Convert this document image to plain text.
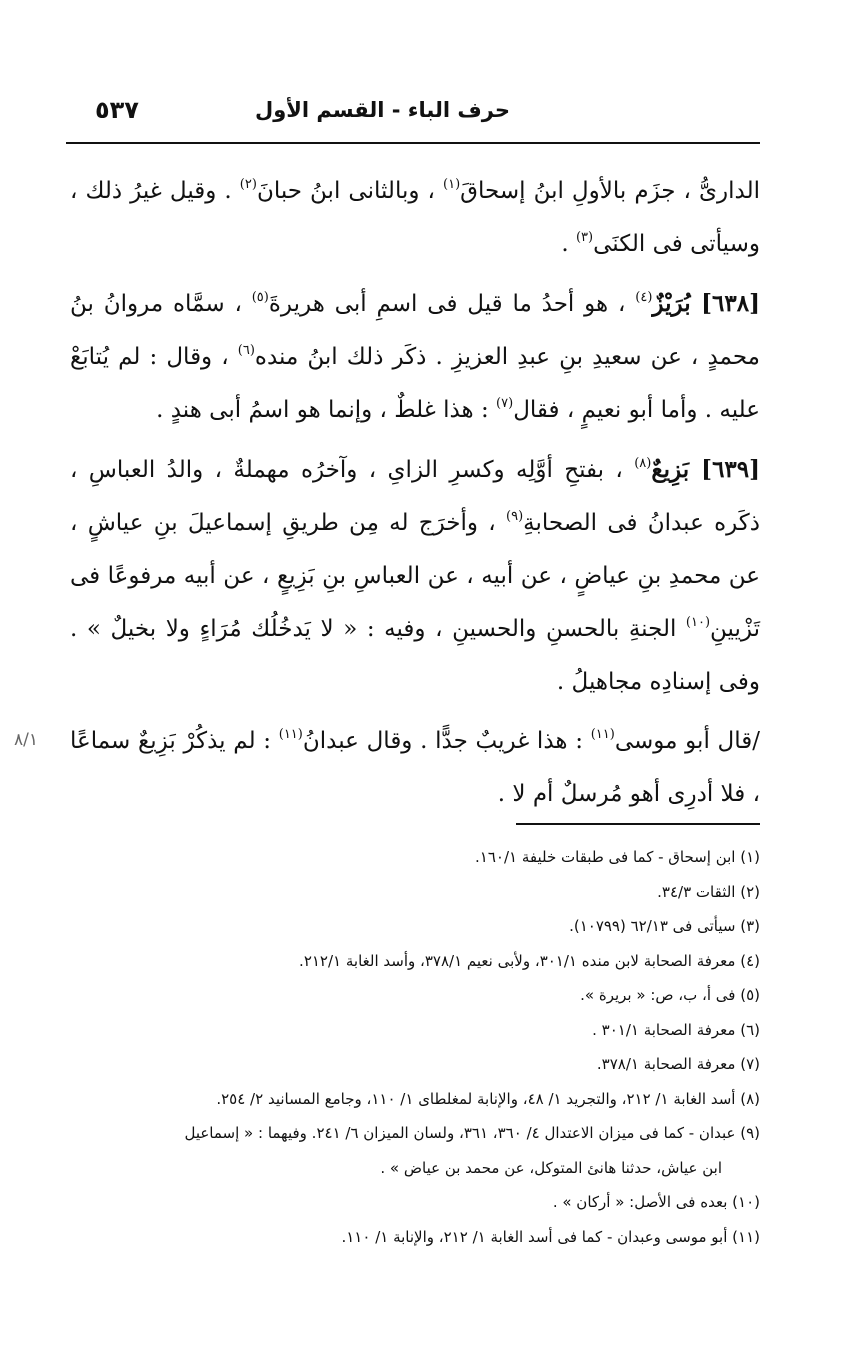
حرف الباء - القسم الأول
٥٣٧

الدارىُّ ، جزَم بالأولِ ابنُ إسحاقَ$^{(١)}$ ، وبالثانى ابنُ حبانَ$^{(٢)}$ . وقيل غيرُ ذلك ، وسيأتى فى الكنَى$^{(٣)}$ .

[٦٣٨] بُرَيْزٌ$^{(٤)}$ ، هو أحدُ ما قيل فى اسمِ أبى هريرةَ$^{(٥)}$ ، سمَّاه مروانُ بنُ محمدٍ ، عن سعيدِ بنِ عبدِ العزيزِ . ذكَر ذلك ابنُ منده$^{(٦)}$ ، وقال : لم يُتابَعْ عليه . وأما أبو نعيمٍ ، فقال$^{(٧)}$ : هذا غلطٌ ، وإنما هو اسمُ أبى هندٍ .

[٦٣٩] بَزِيعٌ$^{(٨)}$ ، بفتحِ أوَّلِه وكسرِ الزاىِ ، وآخرُه مهملةٌ ، والدُ العباسِ ، ذكَره عبدانُ فى الصحابةِ$^{(٩)}$ ، وأخرَج له مِن طريقِ إسماعيلَ بنِ عياشٍ ، عن محمدِ بنِ عياضٍ ، عن أبيه ، عن العباسِ بنِ بَزِيعٍ ، عن أبيه مرفوعًا فى تَزْيينِ$^{(١٠)}$ الجنةِ بالحسنِ والحسينِ ، وفيه : « لا يَدخُلُك مُرَاءٍ ولا بخيلٌ » . وفى إسنادِه مجاهيلُ .

/قال أبو موسى$^{(١١)}$ : هذا غريبٌ جدًّا . وقال عبدانُ$^{(١١)}$ : لم يذكُرْ بَزِيعٌ سماعًا ، فلا أدرِى أهو مُرسلٌ أم لا .

٨/١
(١) ابن إسحاق - كما فى طبقات خليفة ١٦٠/١.
(٢) الثقات ٣٤/٣.
(٣) سيأتى فى ٦٢/١٣ (١٠٧٩٩).
(٤) معرفة الصحابة لابن منده ٣٠١/١، ولأبى نعيم ٣٧٨/١، وأسد الغابة ٢١٢/١.
(٥) فى أ، ب، ص: « بريرة ».
(٦) معرفة الصحابة ٣٠١/١ .
(٧) معرفة الصحابة ٣٧٨/١.
(٨) أسد الغابة ١/ ٢١٢، والتجريد ١/ ٤٨، والإنابة لمغلطاى ١/ ١١٠، وجامع المسانيد ٢/ ٢٥٤.
(٩) عبدان - كما فى ميزان الاعتدال ٤/ ٣٦٠، ٣٦١، ولسان الميزان ٦/ ٢٤١. وفيهما : « إسماعيل
ابن عياش، حدثنا هانئ المتوكل، عن محمد بن عياض » .
(١٠) بعده فى الأصل: « أركان » .
(١١) أبو موسى وعبدان - كما فى أسد الغابة ١/ ٢١٢، والإنابة ١/ ١١٠.
